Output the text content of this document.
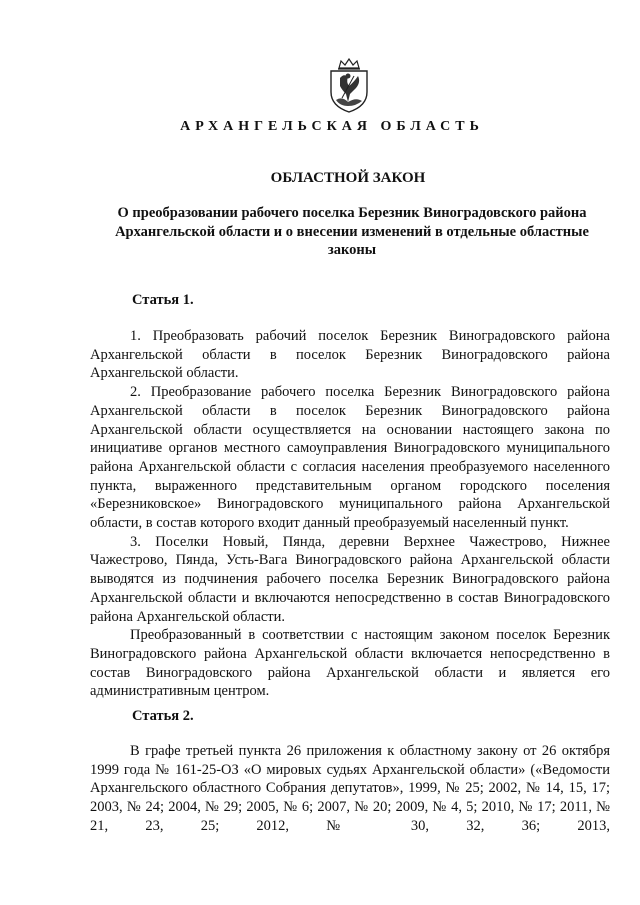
АРХАНГЕЛЬСКАЯ ОБЛАСТЬ
ОБЛАСТНОЙ ЗАКОН
О преобразовании рабочего поселка Березник Виноградовского района Архангельской области и о внесении изменений в отдельные областные законы
Статья 1.

1. Преобразовать рабочий поселок Березник Виноградовского района Архангельской области в поселок Березник Виноградовского района Архангельской области.

2. Преобразование рабочего поселка Березник Виноградовского района Архангельской области в поселок Березник Виноградовского района Архангельской области осуществляется на основании настоящего закона по инициативе органов местного самоуправления Виноградовского муниципального района Архангельской области с согласия населения преобразуемого населенного пункта, выраженного представительным органом городского поселения «Березниковское» Виноградовского муниципального района Архангельской области, в состав которого входит данный преобразуемый населенный пункт.

3. Поселки Новый, Пянда, деревни Верхнее Чажестрово, Нижнее Чажестрово, Пянда, Усть-Вага Виноградовского района Архангельской области выводятся из подчинения рабочего поселка Березник Виноградовского района Архангельской области и включаются непосредственно в состав Виноградовского района Архангельской области.

Преобразованный в соответствии с настоящим законом поселок Березник Виноградовского района Архангельской области включается непосредственно в состав Виноградовского района Архангельской области и является его административным центром.

Статья 2.

В графе третьей пункта 26 приложения к областному закону от 26 октября 1999 года № 161-25-ОЗ «О мировых судьях Архангельской области» («Ведомости Архангельского областного Собрания депутатов», 1999, № 25; 2002, № 14, 15, 17; 2003, № 24; 2004, № 29; 2005, № 6; 2007, № 20; 2009, № 4, 5; 2010, № 17; 2011, № 21, 23, 25; 2012, № 30, 32, 36; 2013,
